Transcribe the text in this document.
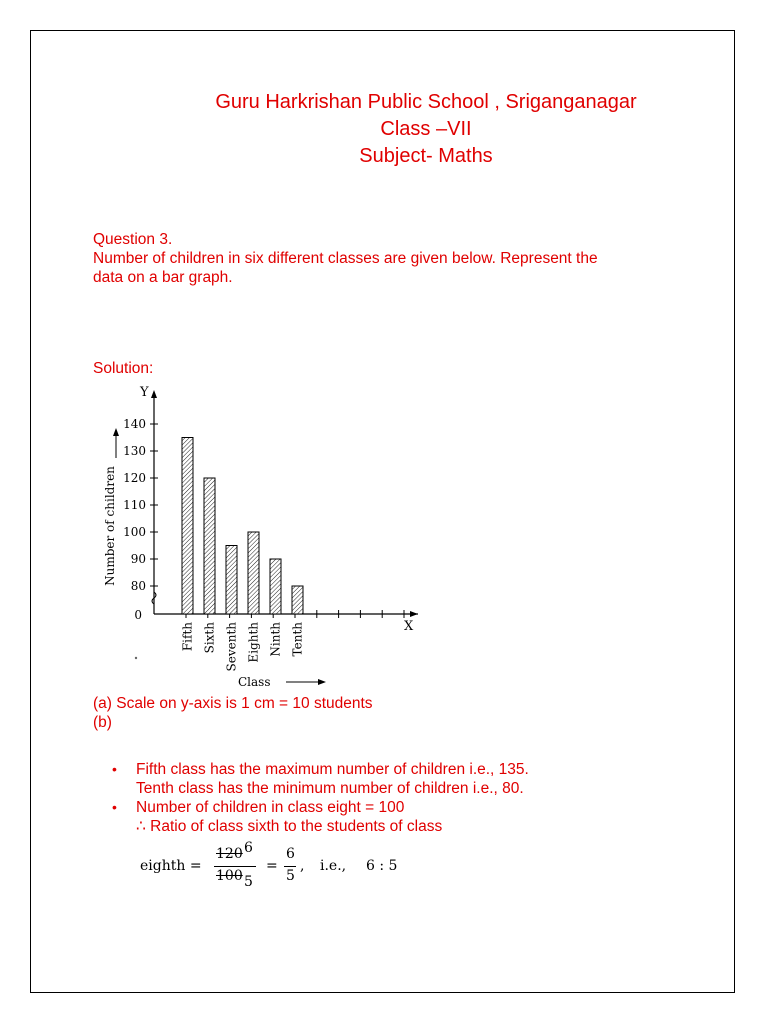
Guru Harkrishan Public School , Sriganganagar
Class –VII
Subject- Maths
Question 3.
Number of children in six different classes are given below. Represent the
data on a bar graph.
Solution:
Y
X
0
80
90
100
110
120
130
140
Number of children
Fifth Sixth Seventh Eighth Ninth Tenth
Class
(a) Scale on y-axis is 1 cm = 10 students
(b)
• Fifth class has the maximum number of children i.e., 135.
Tenth class has the minimum number of children i.e., 80.
• Number of children in class eight = 100
∴ Ratio of class sixth to the students of class
eighth =
120 6
100 5
=
6
5
, i.e., 6 : 5
